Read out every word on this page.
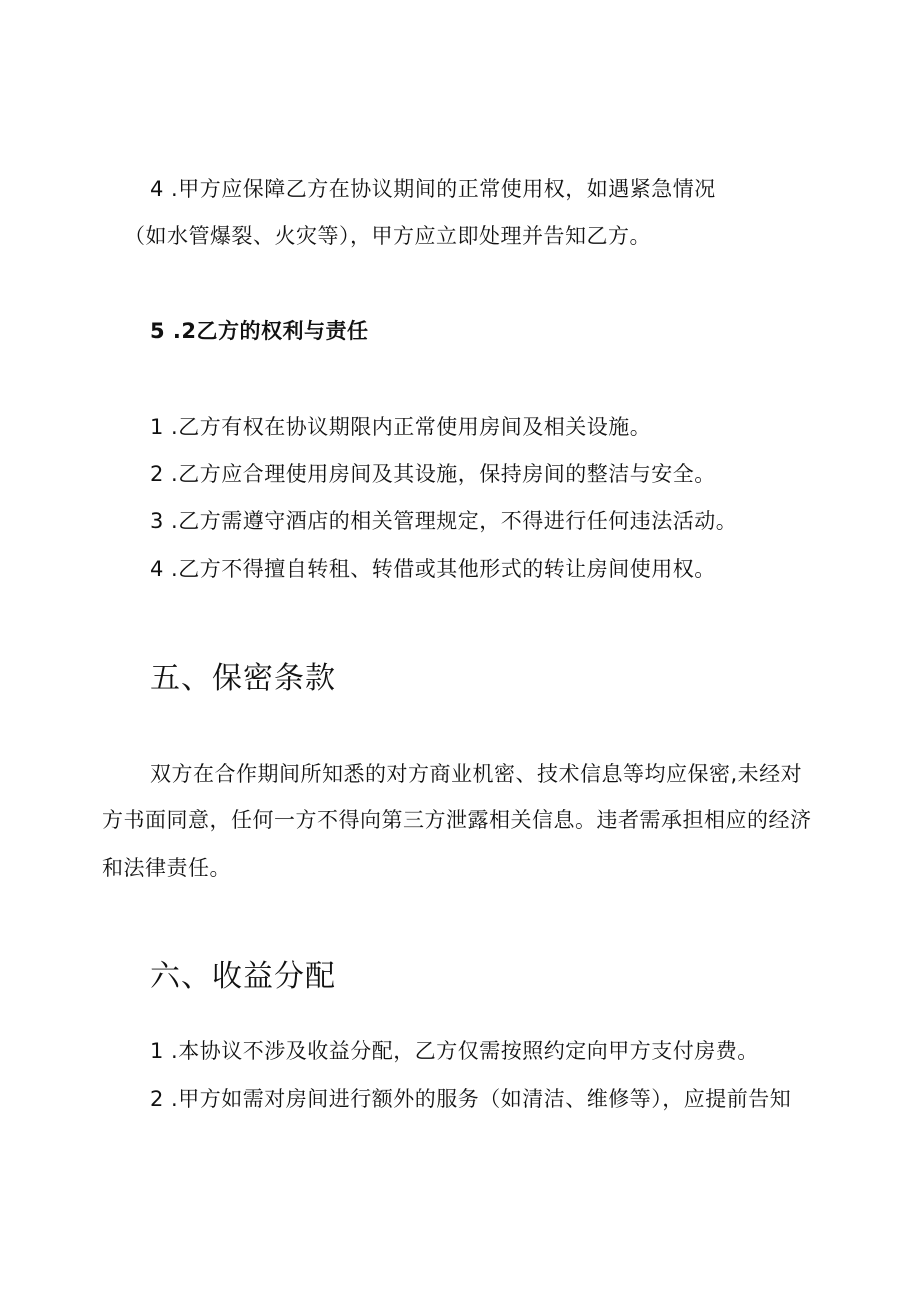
4 .甲方应保障乙方在协议期间的正常使用权，如遇紧急情况
（如水管爆裂、火灾等），甲方应立即处理并告知乙方。
5 .2乙方的权利与责任
1 .乙方有权在协议期限内正常使用房间及相关设施。
2 .乙方应合理使用房间及其设施，保持房间的整洁与安全。
3 .乙方需遵守酒店的相关管理规定，不得进行任何违法活动。
4 .乙方不得擅自转租、转借或其他形式的转让房间使用权。
五、保密条款
双方在合作期间所知悉的对方商业机密、技术信息等均应保密,未经对
方书面同意，任何一方不得向第三方泄露相关信息。违者需承担相应的经济
和法律责任。
六、收益分配
1 .本协议不涉及收益分配，乙方仅需按照约定向甲方支付房费。
2 .甲方如需对房间进行额外的服务（如清洁、维修等），应提前告知
